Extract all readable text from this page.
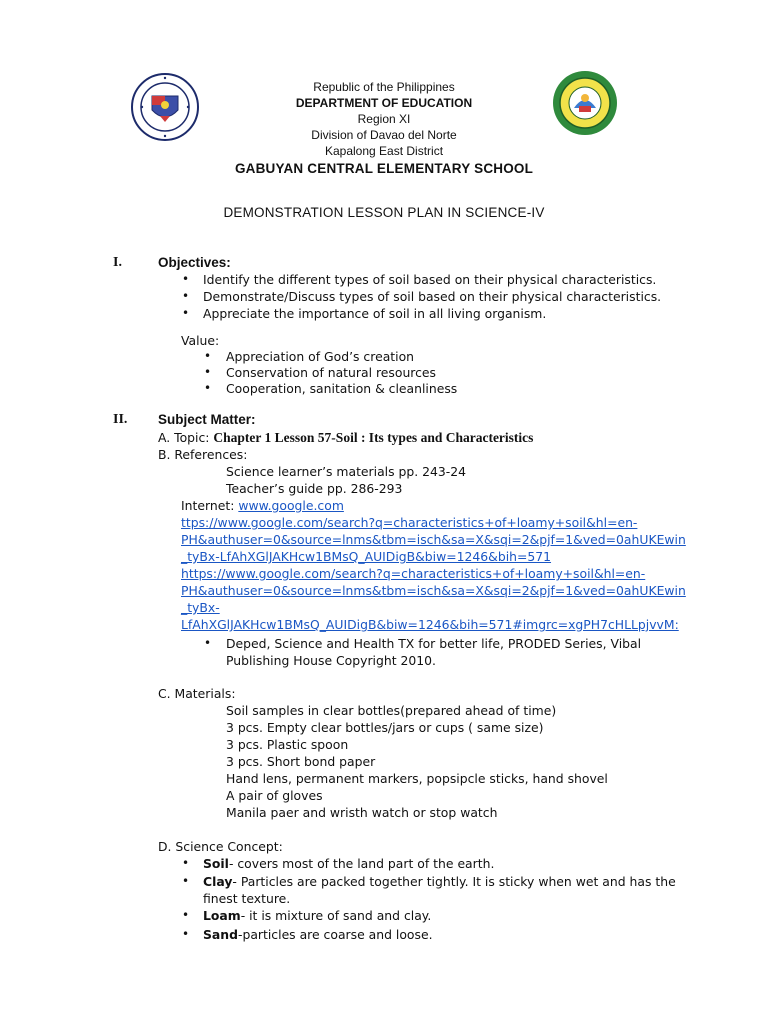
Republic of the Philippines
DEPARTMENT OF EDUCATION
Region XI
Division of Davao del Norte
Kapalong East District
GABUYAN CENTRAL ELEMENTARY SCHOOL
DEMONSTRATION LESSON PLAN IN SCIENCE-IV
I.	Objectives:
• Identify the different types of soil based on their physical characteristics.
• Demonstrate/Discuss types of soil based on their physical characteristics.
• Appreciate the importance of soil in all living organism.
Value:
• Appreciation of God’s creation
• Conservation of natural resources
• Cooperation, sanitation & cleanliness
II. Subject Matter:
A. Topic: Chapter 1 Lesson 57-Soil : Its types and Characteristics
B. References:
Science learner’s materials pp. 243-24
Teacher’s guide pp. 286-293
Internet: www.google.com
ttps://www.google.com/search?q=characteristics+of+loamy+soil&hl=en-
PH&authuser=0&source=lnms&tbm=isch&sa=X&sqi=2&pjf=1&ved=0ahUKEwin
_tyBx-LfAhXGlJAKHcw1BMsQ_AUIDigB&biw=1246&bih=571
https://www.google.com/search?q=characteristics+of+loamy+soil&hl=en-
PH&authuser=0&source=lnms&tbm=isch&sa=X&sqi=2&pjf=1&ved=0ahUKEwin
_tyBx-
LfAhXGlJAKHcw1BMsQ_AUIDigB&biw=1246&bih=571#imgrc=xgPH7cHLLpjvvM:
• Deped, Science and Health TX for better life, PRODED Series, Vibal
Publishing House Copyright 2010.
C. Materials:
Soil samples in clear bottles(prepared ahead of time)
3 pcs. Empty clear bottles/jars or cups ( same size)
3 pcs. Plastic spoon
3 pcs. Short bond paper
Hand lens, permanent markers, popsipcle sticks, hand shovel
A pair of gloves
Manila paer and wristh watch or stop watch
D. Science Concept:
• Soil- covers most of the land part of the earth.
• Clay- Particles are packed together tightly. It is sticky when wet and has the
finest texture.
• Loam- it is mixture of sand and clay.
• Sand-particles are coarse and loose.
